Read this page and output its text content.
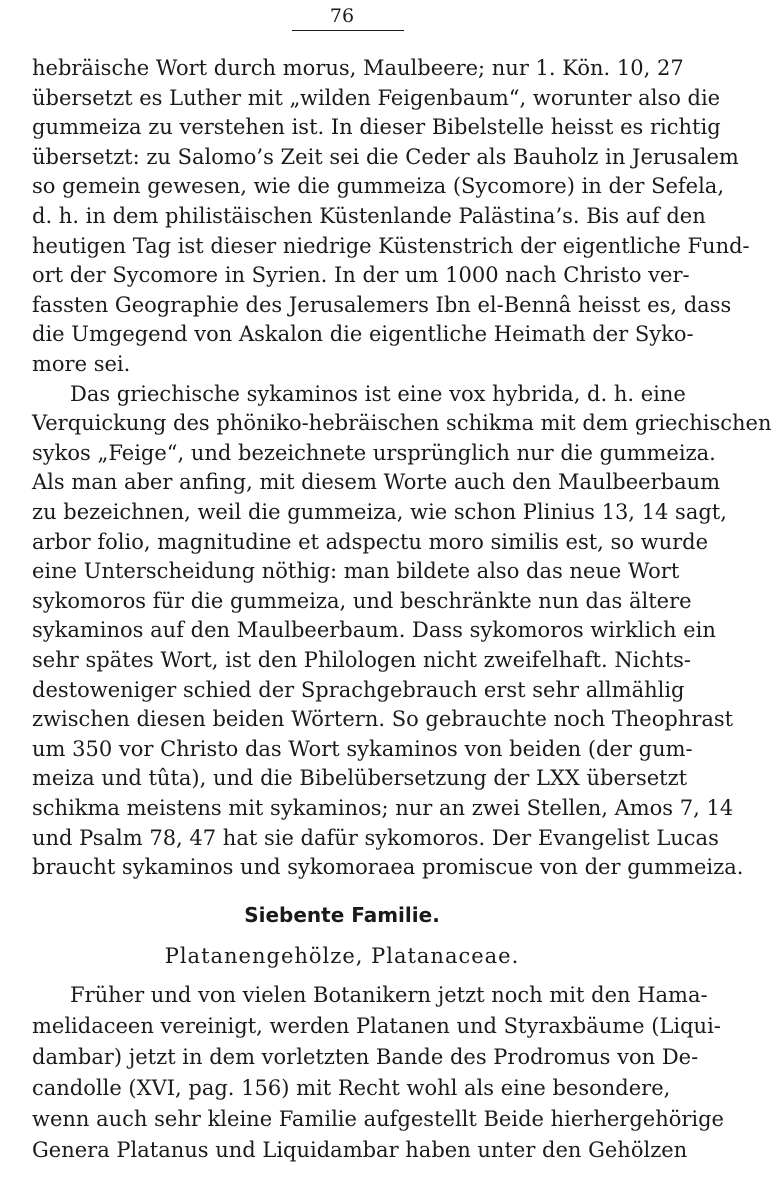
76
hebräische Wort durch morus, Maulbeere; nur 1. Kön. 10, 27
übersetzt es Luther mit „wilden Feigenbaum“, worunter also die
gummeiza zu verstehen ist. In dieser Bibelstelle heisst es richtig
übersetzt: zu Salomo’s Zeit sei die Ceder als Bauholz in Jerusalem
so gemein gewesen, wie die gummeiza (Sycomore) in der Sefela,
d. h. in dem philistäischen Küstenlande Palästina’s. Bis auf den
heutigen Tag ist dieser niedrige Küstenstrich der eigentliche Fund-
ort der Sycomore in Syrien. In der um 1000 nach Christo ver-
fassten Geographie des Jerusalemers Ibn el-Bennâ heisst es, dass
die Umgegend von Askalon die eigentliche Heimath der Syko-
more sei.
Das griechische sykaminos ist eine vox hybrida, d. h. eine
Verquickung des phöniko-hebräischen schikma mit dem griechischen
sykos „Feige“, und bezeichnete ursprünglich nur die gummeiza.
Als man aber anfing, mit diesem Worte auch den Maulbeerbaum
zu bezeichnen, weil die gummeiza, wie schon Plinius 13, 14 sagt,
arbor folio, magnitudine et adspectu moro similis est, so wurde
eine Unterscheidung nöthig: man bildete also das neue Wort
sykomoros für die gummeiza, und beschränkte nun das ältere
sykaminos auf den Maulbeerbaum. Dass sykomoros wirklich ein
sehr spätes Wort, ist den Philologen nicht zweifelhaft. Nichts-
destoweniger schied der Sprachgebrauch erst sehr allmählig
zwischen diesen beiden Wörtern. So gebrauchte noch Theophrast
um 350 vor Christo das Wort sykaminos von beiden (der gum-
meiza und tûta), und die Bibelübersetzung der LXX übersetzt
schikma meistens mit sykaminos; nur an zwei Stellen, Amos 7, 14
und Psalm 78, 47 hat sie dafür sykomoros. Der Evangelist Lucas
braucht sykaminos und sykomoraea promiscue von der gummeiza.
Siebente Familie.
Platanengehölze, Platanaceae.
Früher und von vielen Botanikern jetzt noch mit den Hama-
melidaceen vereinigt, werden Platanen und Styraxbäume (Liqui-
dambar) jetzt in dem vorletzten Bande des Prodromus von De-
candolle (XVI, pag. 156) mit Recht wohl als eine besondere,
wenn auch sehr kleine Familie aufgestellt Beide hierhergehörige
Genera Platanus und Liquidambar haben unter den Gehölzen
